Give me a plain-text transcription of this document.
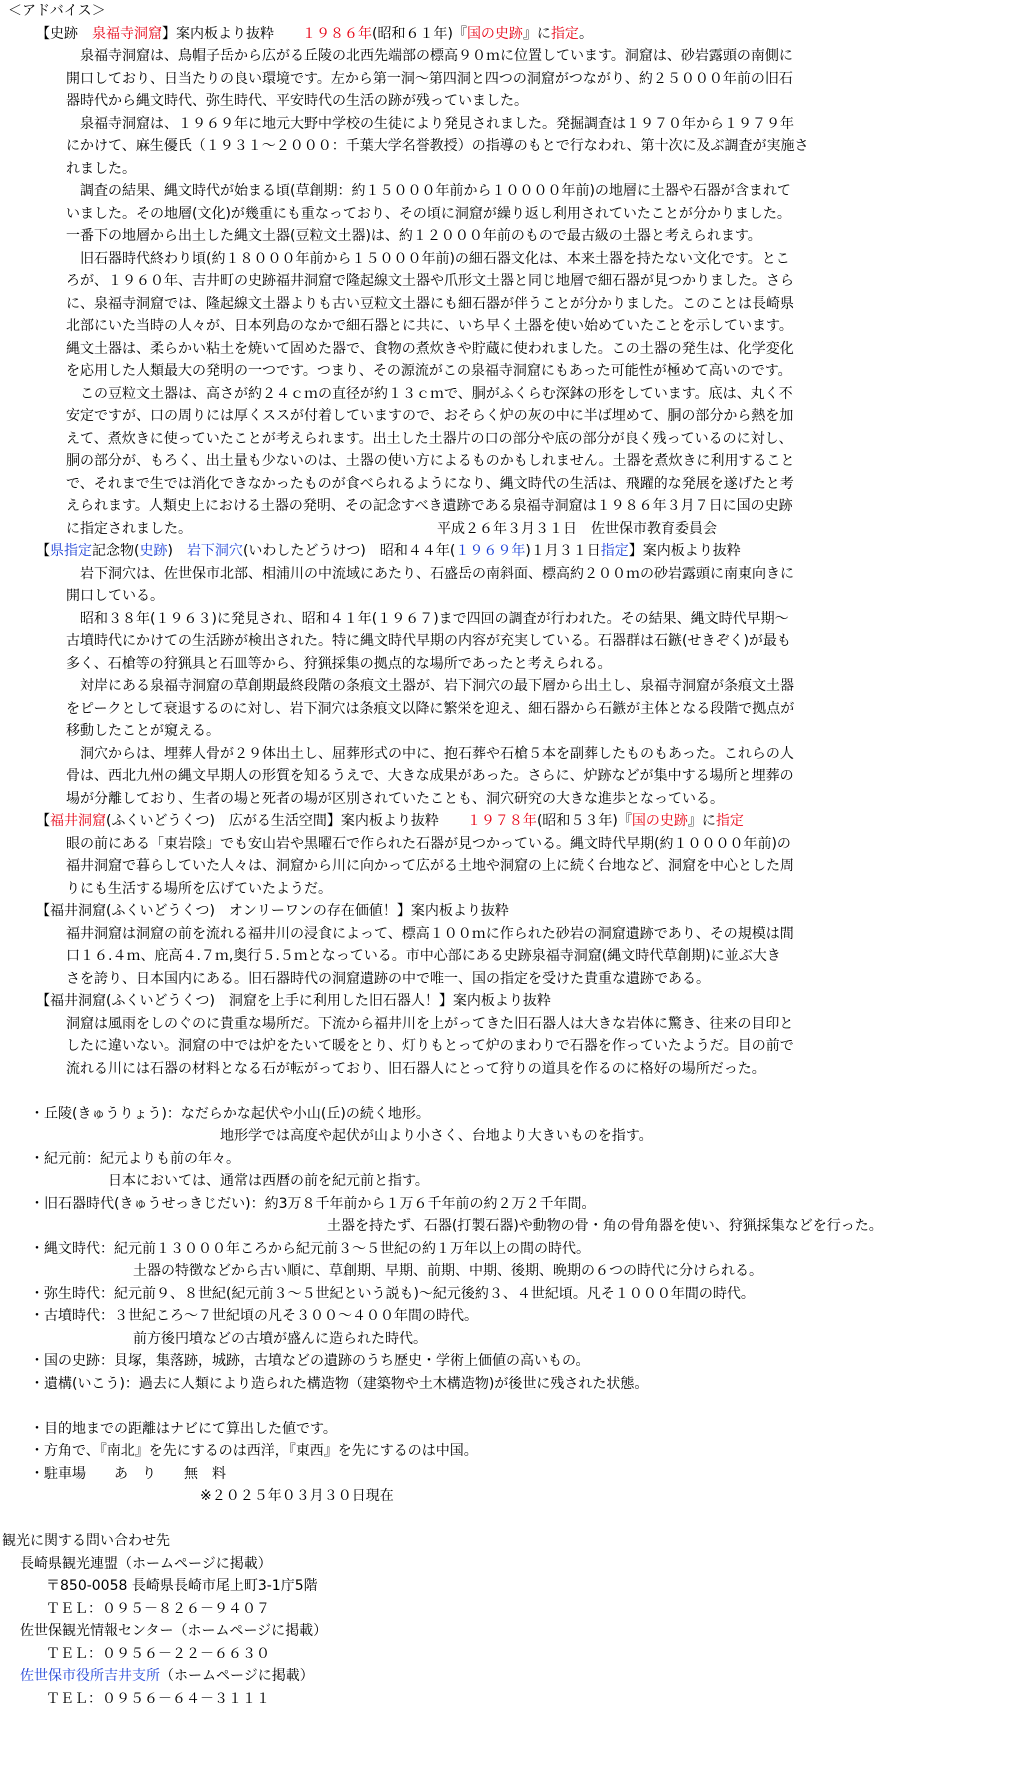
＜アドバイス＞
【史跡　泉福寺洞窟】案内板より抜粋　　１９８６年(昭和６１年)『国の史跡』に指定。
　泉福寺洞窟は、鳥帽子岳から広がる丘陵の北西先端部の標高９０ｍに位置しています。洞窟は、砂岩露頭の南側に
開口しており、日当たりの良い環境です。左から第一洞～第四洞と四つの洞窟がつながり、約２５０００年前の旧石
器時代から縄文時代、弥生時代、平安時代の生活の跡が残っていました。
　泉福寺洞窟は、１９６９年に地元大野中学校の生徒により発見されました。発掘調査は１９７０年から１９７９年
にかけて、麻生優氏（１９３１～２０００：千葉大学名誉教授）の指導のもとで行なわれ、第十次に及ぶ調査が実施さ
れました。
　調査の結果、縄文時代が始まる頃(草創期：約１５０００年前から１００００年前)の地層に土器や石器が含まれて
いました。その地層(文化)が幾重にも重なっており、その頃に洞窟が繰り返し利用されていたことが分かりました。
一番下の地層から出土した縄文土器(豆粒文土器)は、約１２０００年前のもので最古級の土器と考えられます。
　旧石器時代終わり頃(約１８０００年前から１５０００年前)の細石器文化は、本来土器を持たない文化です。とこ
ろが、１９６０年、吉井町の史跡福井洞窟で隆起線文土器や爪形文土器と同じ地層で細石器が見つかりました。さら
に、泉福寺洞窟では、隆起線文土器よりも古い豆粒文土器にも細石器が伴うことが分かりました。このことは長崎県
北部にいた当時の人々が、日本列島のなかで細石器とに共に、いち早く土器を使い始めていたことを示しています。
縄文土器は、柔らかい粘土を焼いて固めた器で、食物の煮炊きや貯蔵に使われました。この土器の発生は、化学変化
を応用した人類最大の発明の一つです。つまり、その源流がこの泉福寺洞窟にもあった可能性が極めて高いのです。
　この豆粒文土器は、高さが約２４ｃｍの直径が約１３ｃｍで、胴がふくらむ深鉢の形をしています。底は、丸く不
安定ですが、口の周りには厚くススが付着していますので、おそらく炉の灰の中に半ば埋めて、胴の部分から熱を加
えて、煮炊きに使っていたことが考えられます。出土した土器片の口の部分や底の部分が良く残っているのに対し、
胴の部分が、もろく、出土量も少ないのは、土器の使い方によるものかもしれません。土器を煮炊きに利用すること
で、それまで生では消化できなかったものが食べられるようになり、縄文時代の生活は、飛躍的な発展を遂げたと考
えられます。人類史上における土器の発明、その記念すべき遺跡である泉福寺洞窟は１９８６年３月７日に国の史跡
に指定されました。　　　　　　　　　　　　　　　　　　平成２６年３月３１日　佐世保市教育委員会
【県指定記念物(史跡)　岩下洞穴(いわしたどうけつ)　昭和４４年(１９６９年)１月３１日指定】案内板より抜粋
　岩下洞穴は、佐世保市北部、相浦川の中流域にあたり、石盛岳の南斜面、標高約２００ｍの砂岩露頭に南東向きに
開口している。
　昭和３８年(１９６３)に発見され、昭和４１年(１９６７)まで四回の調査が行われた。その結果、縄文時代早期～
古墳時代にかけての生活跡が検出された。特に縄文時代早期の内容が充実している。石器群は石鏃(せきぞく)が最も
多く、石槍等の狩猟具と石皿等から、狩猟採集の拠点的な場所であったと考えられる。
　対岸にある泉福寺洞窟の草創期最終段階の条痕文土器が、岩下洞穴の最下層から出土し、泉福寺洞窟が条痕文土器
をピークとして衰退するのに対し、岩下洞穴は条痕文以降に繁栄を迎え、細石器から石鏃が主体となる段階で拠点が
移動したことが窺える。
　洞穴からは、埋葬人骨が２９体出土し、屈葬形式の中に、抱石葬や石槍５本を副葬したものもあった。これらの人
骨は、西北九州の縄文早期人の形質を知るうえで、大きな成果があった。さらに、炉跡などが集中する場所と埋葬の
場が分離しており、生者の場と死者の場が区別されていたことも、洞穴研究の大きな進歩となっている。
【福井洞窟(ふくいどうくつ)　広がる生活空間】案内板より抜粋　　１９７８年(昭和５３年)『国の史跡』に指定
眼の前にある「東岩陰」でも安山岩や黒曜石で作られた石器が見つかっている。縄文時代早期(約１００００年前)の
福井洞窟で暮らしていた人々は、洞窟から川に向かって広がる土地や洞窟の上に続く台地など、洞窟を中心とした周
りにも生活する場所を広げていたようだ。
【福井洞窟(ふくいどうくつ)　オンリーワンの存在価値！】案内板より抜粋
福井洞窟は洞窟の前を流れる福井川の浸食によって、標高１００ｍに作られた砂岩の洞窟遺跡であり、その規模は間
口１６.４ｍ、庇高４.７ｍ,奥行５.５ｍとなっている。市中心部にある史跡泉福寺洞窟(縄文時代草創期)に並ぶ大き
さを誇り、日本国内にある。旧石器時代の洞窟遺跡の中で唯一、国の指定を受けた貴重な遺跡である。
【福井洞窟(ふくいどうくつ)　洞窟を上手に利用した旧石器人！】案内板より抜粋
洞窟は風雨をしのぐのに貴重な場所だ。下流から福井川を上がってきた旧石器人は大きな岩体に驚き、往来の目印と
したに違いない。洞窟の中では炉をたいて暖をとり、灯りもとって炉のまわりで石器を作っていたようだ。目の前で
流れる川には石器の材料となる石が転がっており、旧石器人にとって狩りの道具を作るのに格好の場所だった。
・丘陵(きゅうりょう)：なだらかな起伏や小山(丘)の続く地形。
地形学では高度や起伏が山より小さく、台地より大きいものを指す。
・紀元前：紀元よりも前の年々。
日本においては、通常は西暦の前を紀元前と指す。
・旧石器時代(きゅうせっきじだい)：約3万８千年前から１万６千年前の約２万２千年間。
土器を持たず、石器(打製石器)や動物の骨・角の骨角器を使い、狩猟採集などを行った。
・縄文時代：紀元前１３０００年ころから紀元前３～５世紀の約１万年以上の間の時代。
土器の特徴などから古い順に、草創期、早期、前期、中期、後期、晩期の６つの時代に分けられる。
・弥生時代：紀元前９、８世紀(紀元前３～５世紀という説も)～紀元後約３、４世紀頃。凡そ１０００年間の時代。
・古墳時代：３世紀ころ～７世紀頃の凡そ３００～４００年間の時代。
前方後円墳などの古墳が盛んに造られた時代。
・国の史跡：貝塚，集落跡，城跡，古墳などの遺跡のうち歴史・学術上価値の高いもの。
・遺構(いこう)：過去に人類により造られた構造物（建築物や土木構造物)が後世に残された状態。
・目的地までの距離はナビにて算出した値です。
・方角で、『南北』を先にするのは西洋，『東西』を先にするのは中国。
・駐車場　　あ　り　　無　料
※２０２５年０３月３０日現在
観光に関する問い合わせ先
長崎県観光連盟（ホームページに掲載）
〒850-0058 長崎県長崎市尾上町3-1庁5階
ＴＥＬ：０９５－８２６－９４０７
佐世保観光情報センター（ホームページに掲載）
ＴＥＬ：０９５６－２２－６６３０
佐世保市役所吉井支所（ホームページに掲載）
ＴＥＬ：０９５６－６４－３１１１
